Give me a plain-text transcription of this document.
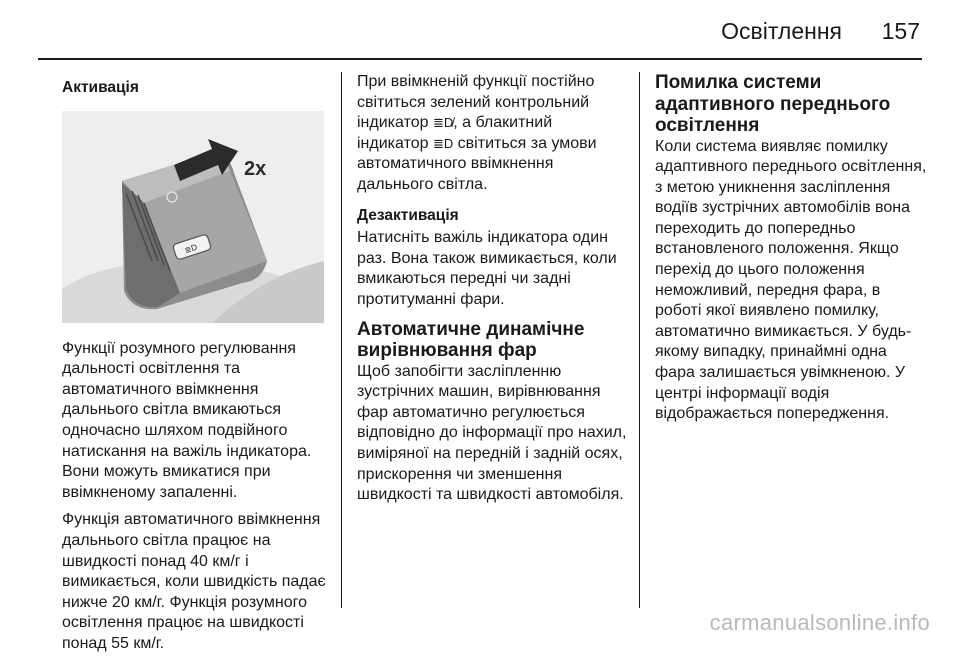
Освітлення 157
Активація
≣D
2x

Функції розумного регулювання дальності освітлення та автоматичного ввімкнення дальнього світла вмикаються одночасно шляхом подвійного натискання на важіль індикатора. Вони можуть вмикатися при ввімкненому запаленні.

Функція автоматичного ввімкнення дальнього світла працює на швидкості понад 40 км/г і вимикається, коли швидкість падає нижче 20 км/г. Функція розумного освітлення працює на швидкості понад 55 км/г.

При ввімкненій функції постійно світиться зелений контрольний індикатор ≣D̸, а блакитний індикатор ≣D світиться за умови автоматичного ввімкнення дальнього світла.

Дезактивація

Натисніть важіль індикатора один раз. Вона також вимикається, коли вмикаються передні чи задні протитуманні фари.

Автоматичне динамічне вирівнювання фар

Щоб запобігти засліпленню зустрічних машин, вирівнювання фар автоматично регулюється відповідно до інформації про нахил, виміряної на передній і задній осях, прискорення чи зменшення швидкості та швидкості автомобіля.

Помилка системи адаптивного переднього освітлення

Коли система виявляє помилку адаптивного переднього освітлення, з метою уникнення засліплення водіїв зустрічних автомобілів вона переходить до попередньо встановленого положення. Якщо перехід до цього положення неможливий, передня фара, в роботі якої виявлено помилку, автоматично вимикається. У будь-якому випадку, принаймні одна фара залишається увімкненою. У центрі інформації водія відображається попередження.

carmanualsonline.info
